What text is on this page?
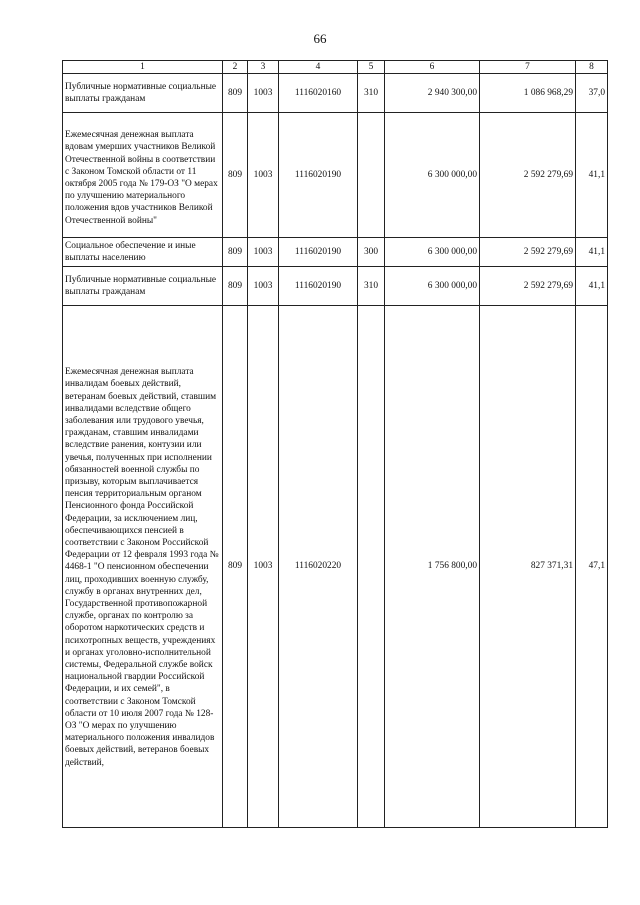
66
1	2	3	4	5	6	7	8
Публичные нормативные социальные выплаты гражданам	809	1003	1116020160	310	2 940 300,00	1 086 968,29	37,0
Ежемесячная денежная выплата вдовам умерших участников Великой Отечественной войны в соответствии с Законом Томской области от 11 октября 2005 года № 179-ОЗ "О мерах по улучшению материального положения вдов участников Великой Отечественной войны"	809	1003	1116020190		6 300 000,00	2 592 279,69	41,1
Социальное обеспечение и иные выплаты населению	809	1003	1116020190	300	6 300 000,00	2 592 279,69	41,1
Публичные нормативные социальные выплаты гражданам	809	1003	1116020190	310	6 300 000,00	2 592 279,69	41,1
Ежемесячная денежная выплата инвалидам боевых действий, ветеранам боевых действий, ставшим инвалидами вследствие общего заболевания или трудового увечья, гражданам, ставшим инвалидами вследствие ранения, контузии или увечья, полученных при исполнении обязанностей военной службы по призыву, которым выплачивается пенсия территориальным органом Пенсионного фонда Российской Федерации, за исключением лиц, обеспечивающихся пенсией в соответствии с Законом Российской Федерации от 12 февраля 1993 года № 4468-1 "О пенсионном обеспечении лиц, проходивших военную службу, службу в органах внутренних дел, Государственной противопожарной службе, органах по контролю за оборотом наркотических средств и психотропных веществ, учреждениях и органах уголовно-исполнительной системы, Федеральной службе войск национальной гвардии Российской Федерации, и их семей", в соответствии с Законом Томской области от 10 июля 2007 года № 128-ОЗ "О мерах по улучшению материального положения инвалидов боевых действий, ветеранов боевых действий,	809	1003	1116020220		1 756 800,00	827 371,31	47,1
